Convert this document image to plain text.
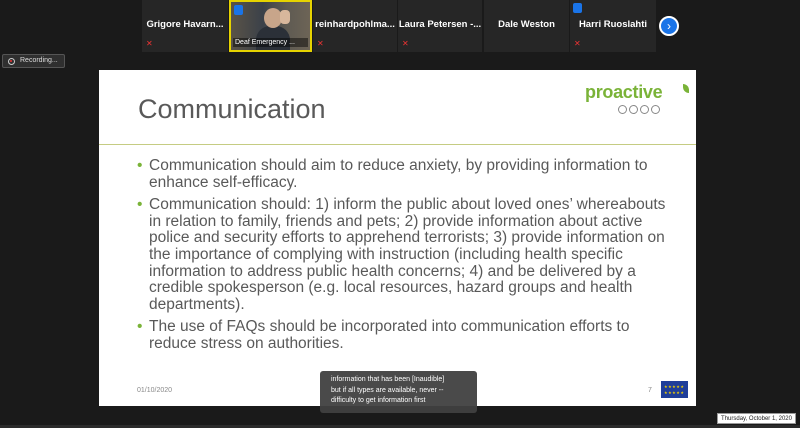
Grigore Havarn...
✕	Deaf Emergency ...
reinhardpohlma...
✕
Laura Petersen -...
✕
Dale Weston	Harri Ruoslahti
✕
›
Recording...
Communication
proactive
• Communication should aim to reduce anxiety, by providing information to enhance self-efficacy.
• Communication should: 1) inform the public about loved ones’ whereabouts in relation to family, friends and pets; 2) provide information about active police and security efforts to apprehend terrorists; 3) provide information on the importance of complying with instruction (including health specific information to address public health concerns; 4) and be delivered by a credible spokesperson (e.g. local resources, hazard groups and health departments).
• The use of FAQs should be incorporated into communication efforts to reduce stress on authorities.
01/10/2020	7
★★★★★ ★★★★★
information that has been [Inaudible]
but if all types are available, never --
difficulty to get information first
Thursday, October 1, 2020
